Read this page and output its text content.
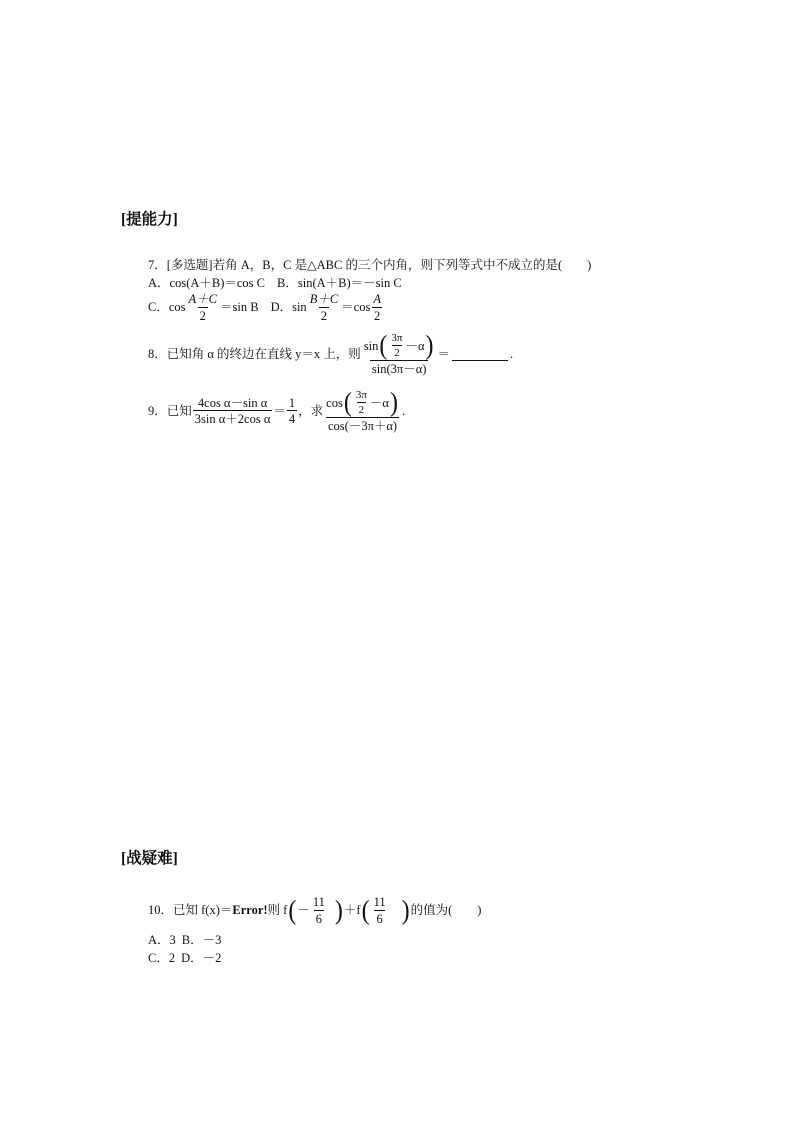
[提能力]
7．[多选题]若角 A，B，C 是△ABC 的三个内角，则下列等式中不成立的是(　　)
A．cos(A＋B)＝cos C B．sin(A＋B)＝－sin C
C．$\cos \frac{A+C}{2} =\sin$ B D．$\sin \frac{B+C}{2} =\cos \frac{A}{2}$
8．已知角 α 的终边在直线 y＝x 上，则
sin ( $\frac{3\pi}{2} -\alpha$ )
sin(3π－α)
＝	.
9．已知 $\frac{\text{4cos α－sin α}}{\text{3sin α＋2cos α}} = \frac{1}{4}$ ，求
cos ( $\frac{3\pi}{2} -\alpha$ )
cos(－3π＋α)
.
[战疑难]
10．已知 f(x)＝ Error! 则 f ( － $\frac{11}{6}$ ) ＋f ( $\frac{11}{6}$ ) 的值为(　　)
A．3 B．－3
C．2 D．－2
